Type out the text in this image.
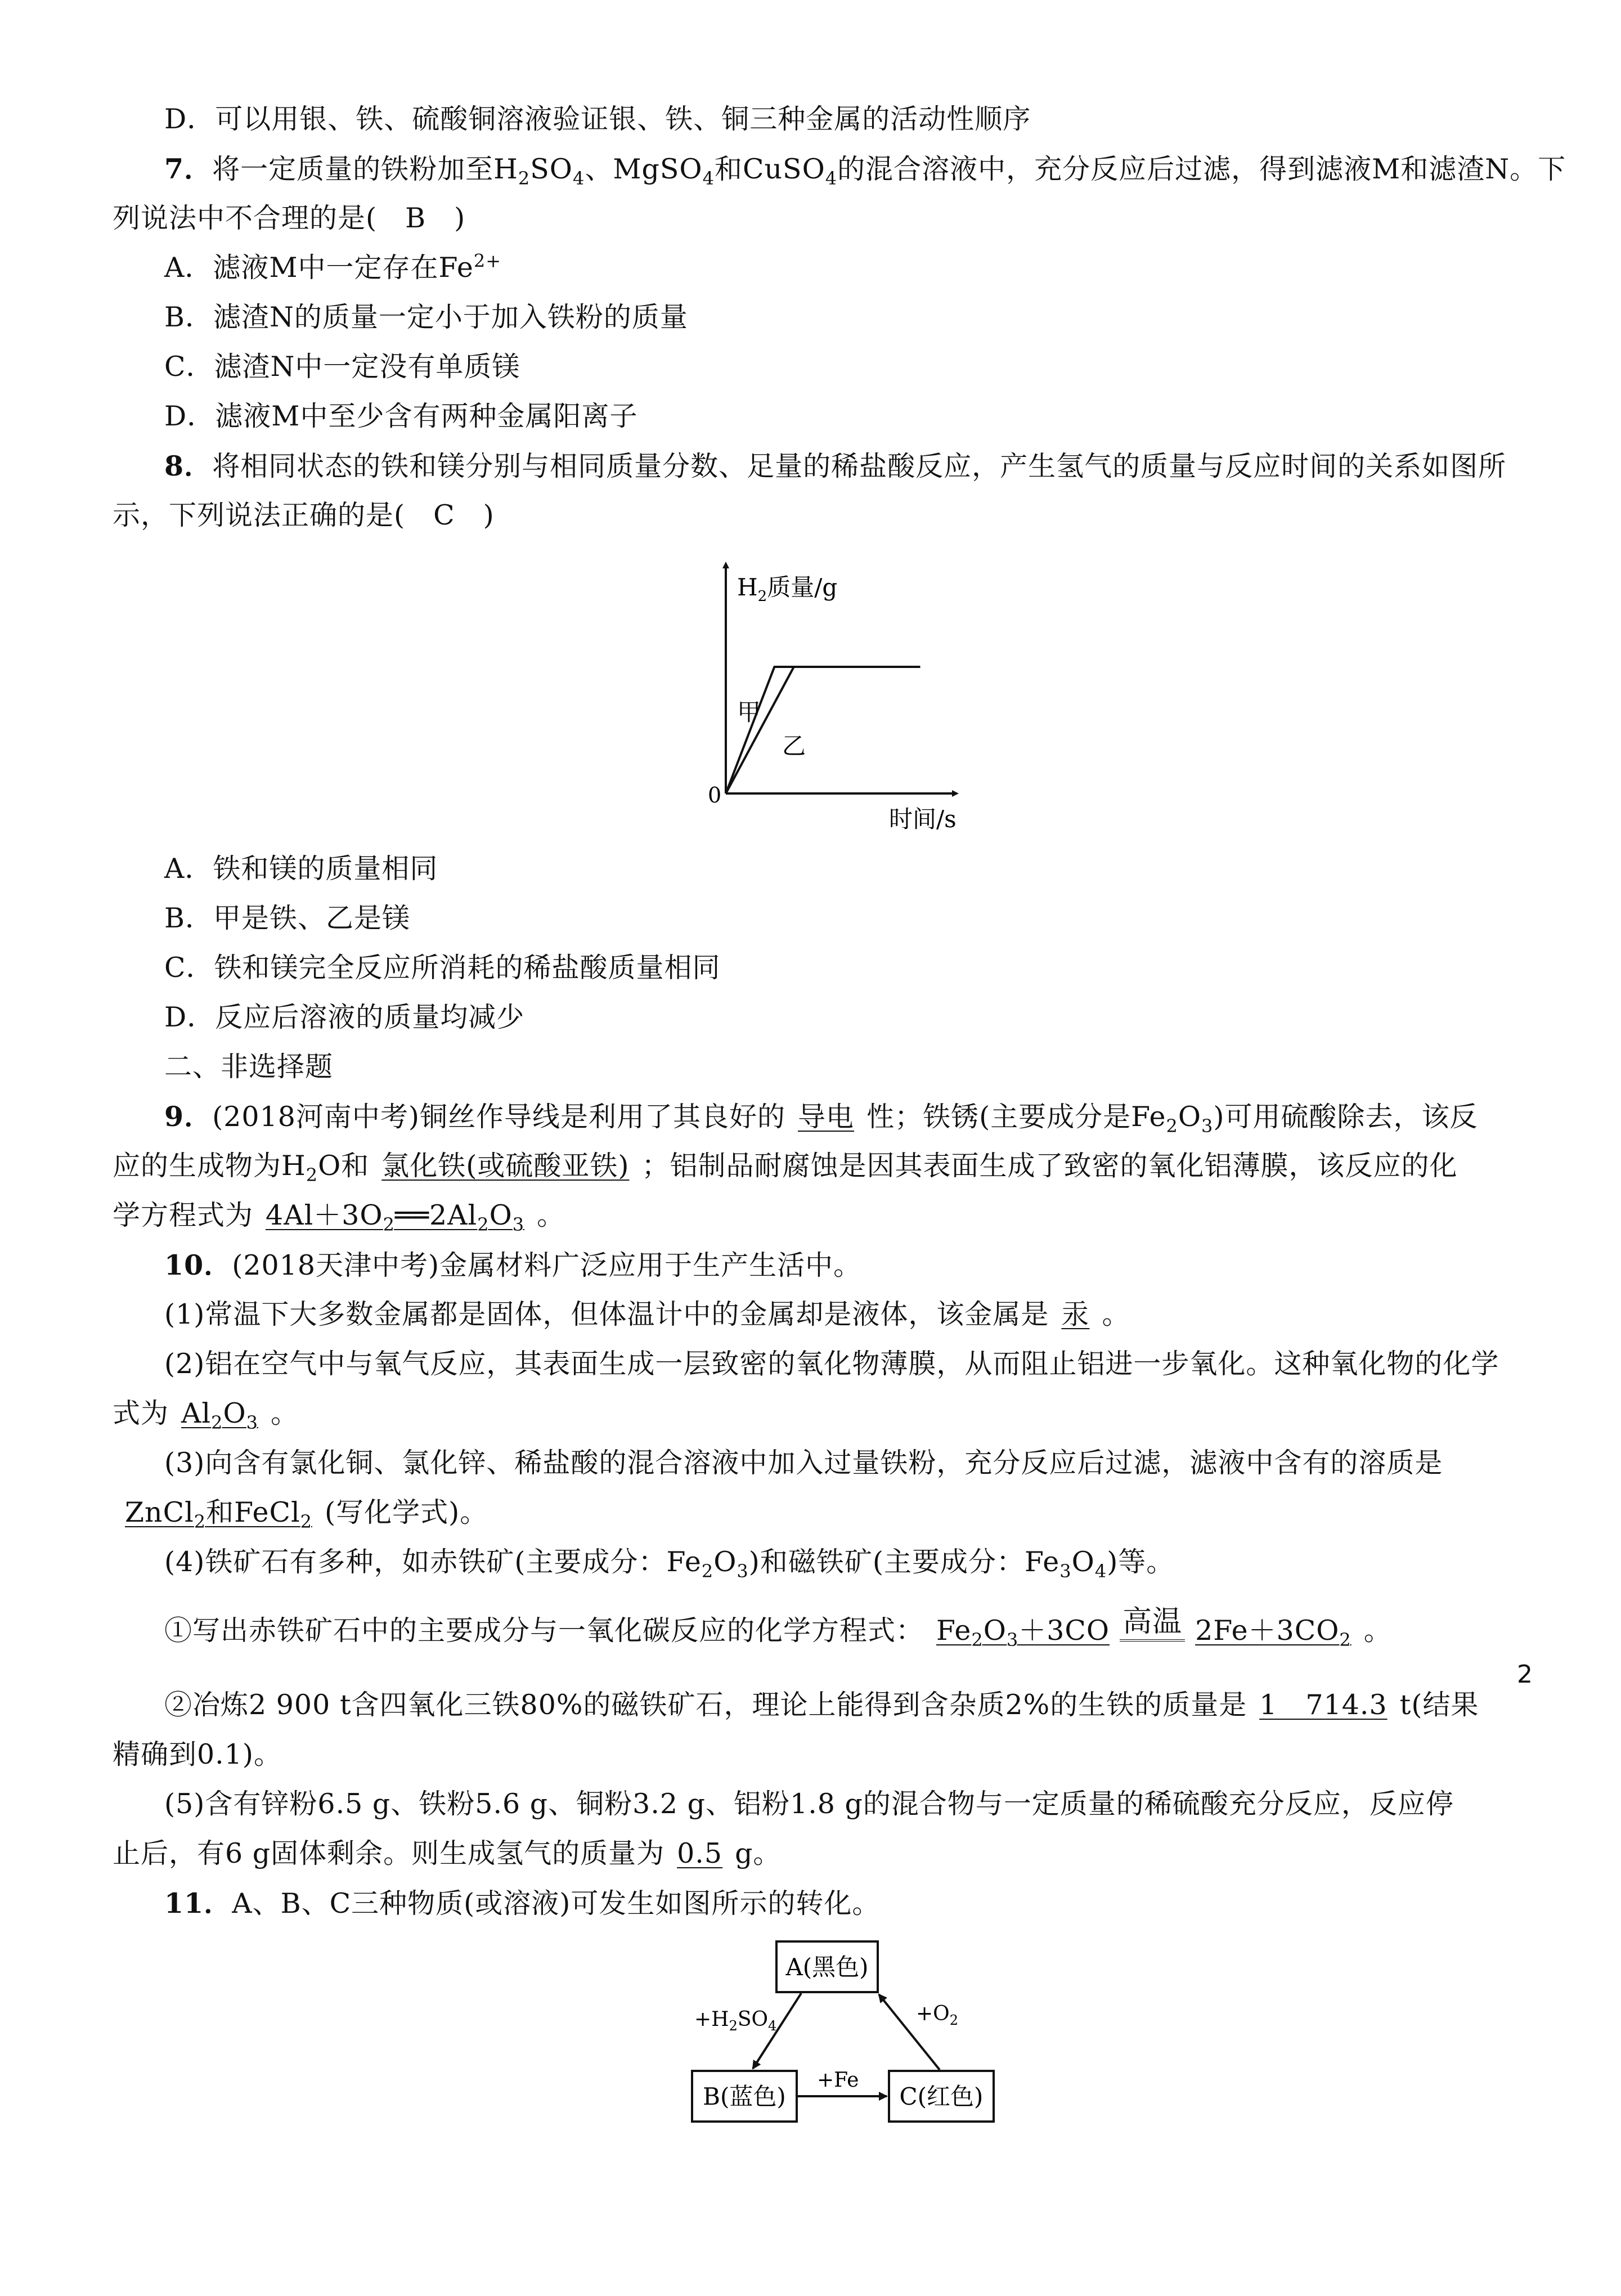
D．可以用银、铁、硫酸铜溶液验证银、铁、铜三种金属的活动性顺序
7．将一定质量的铁粉加至$H_2SO_4$、MgSO$_4$和CuSO$_4$的混合溶液中，充分反应后过滤，得到滤液M和滤渣N。下
列说法中不合理的是(　B　)
A．滤液M中一定存在$Fe^{2+}$
B．滤渣N的质量一定小于加入铁粉的质量
C．滤渣N中一定没有单质镁
D．滤液M中至少含有两种金属阳离子
8．将相同状态的铁和镁分别与相同质量分数、足量的稀盐酸反应，产生氢气的质量与反应时间的关系如图所
示，下列说法正确的是(　C　)
$H_2$质量/g
时间/s
0
甲
乙
A．铁和镁的质量相同
B．甲是铁、乙是镁
C．铁和镁完全反应所消耗的稀盐酸质量相同
D．反应后溶液的质量均减少
二、非选择题
9．(2018河南中考)铜丝作导线是利用了其良好的 导电 性；铁锈(主要成分是$Fe_2O_3$)可用硫酸除去，该反
应的生成物为$H_2O$和 氯化铁(或硫酸亚铁) ；铝制品耐腐蚀是因其表面生成了致密的氧化铝薄膜，该反应的化
学方程式为 $4Al+3O_2══2Al_2O_3$ 。
10．(2018天津中考)金属材料广泛应用于生产生活中。
(1)常温下大多数金属都是固体，但体温计中的金属却是液体，该金属是 汞 。
(2)铝在空气中与氧气反应，其表面生成一层致密的氧化物薄膜，从而阻止铝进一步氧化。这种氧化物的化学
式为 $Al_2O_3$ 。
(3)向含有氯化铜、氯化锌、稀盐酸的混合溶液中加入过量铁粉，充分反应后过滤，滤液中含有的溶质是
ZnCl$_2$和FeCl$_2$ (写化学式)。
(4)铁矿石有多种，如赤铁矿(主要成分：$Fe_2O_3$)和磁铁矿(主要成分：$Fe_3O_4$)等。
①写出赤铁矿石中的主要成分与一氧化碳反应的化学方程式： $Fe_2O_3+3CO$ 高温 $2Fe+3CO_2$ 。
②冶炼2 900 t含四氧化三铁80%的磁铁矿石，理论上能得到含杂质2%的生铁的质量是 1　714.3 t(结果
精确到0.1)。
(5)含有锌粉6.5 g、铁粉5.6 g、铜粉3.2 g、铝粉1.8 g的混合物与一定质量的稀硫酸充分反应，反应停
止后，有6 g固体剩余。则生成氢气的质量为 0.5 g。
11．A、B、C三种物质(或溶液)可发生如图所示的转化。
A(黑色)
B(蓝色)	C(红色)
$+H_2SO_4$
$+O_2$
+Fe
2
